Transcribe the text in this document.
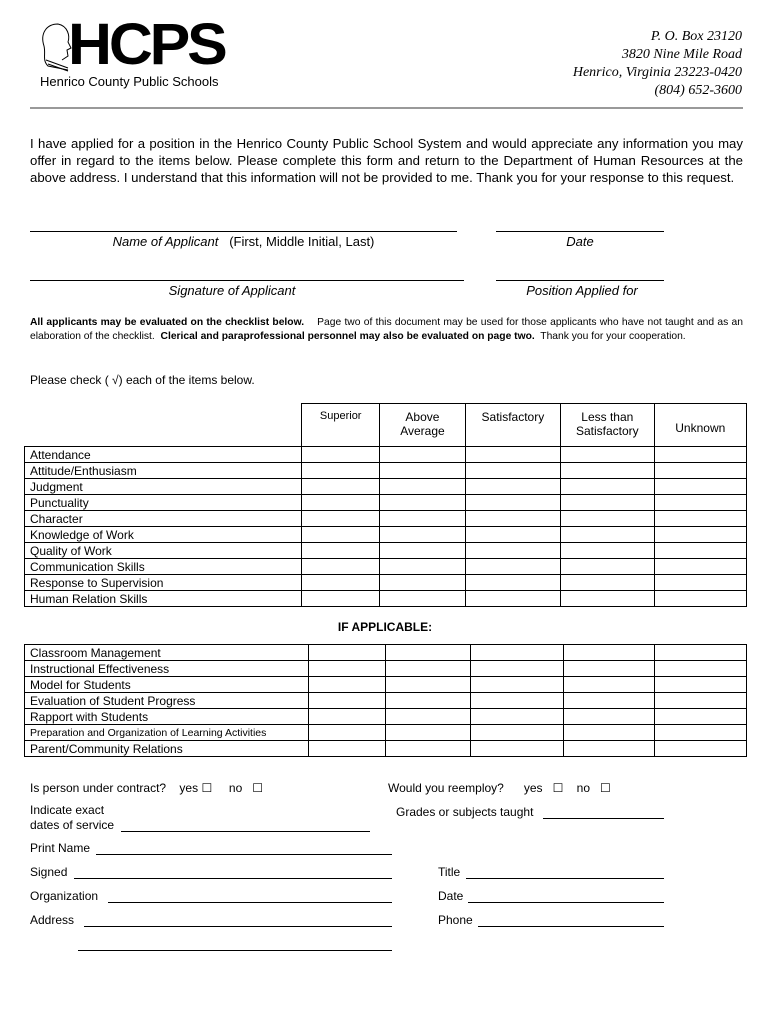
HCPS
Henrico County Public Schools
P. O. Box 23120
3820 Nine Mile Road
Henrico, Virginia 23223-0420
(804) 652-3600
I have applied for a position in the Henrico County Public School System and would appreciate any information you may offer in regard to the items below. Please complete this form and return to the Department of Human Resources at the above address. I understand that this information will not be provided to me. Thank you for your response to this request.
Name of Applicant (First, Middle Initial, Last)	Date
Signature of Applicant	Position Applied for
All applicants may be evaluated on the checklist below.    Page two of this document may be used for those applicants who have not taught and as an elaboration of the checklist.  Clerical and paraprofessional personnel may also be evaluated on page two.  Thank you for your cooperation.
Please check ( √) each of the items below.
	Superior	Above Average	Satisfactory	Less than Satisfactory	Unknown
Attendance					
Attitude/Enthusiasm					
Judgment					
Punctuality					
Character					
Knowledge of Work					
Quality of Work					
Communication Skills					
Response to Supervision					
Human Relation Skills					
IF APPLICABLE:
Classroom Management					
Instructional Effectiveness					
Model for Students					
Evaluation of Student Progress					
Rapport with Students					
Preparation and Organization of Learning Activities					
Parent/Community Relations					
Is person under contract? yes ☐ no ☐	Would you reemploy? yes ☐ no ☐
Indicate exact
dates of service
Grades or subjects taught
Print Name
Signed	Title
Organization	Date
Address	Phone
